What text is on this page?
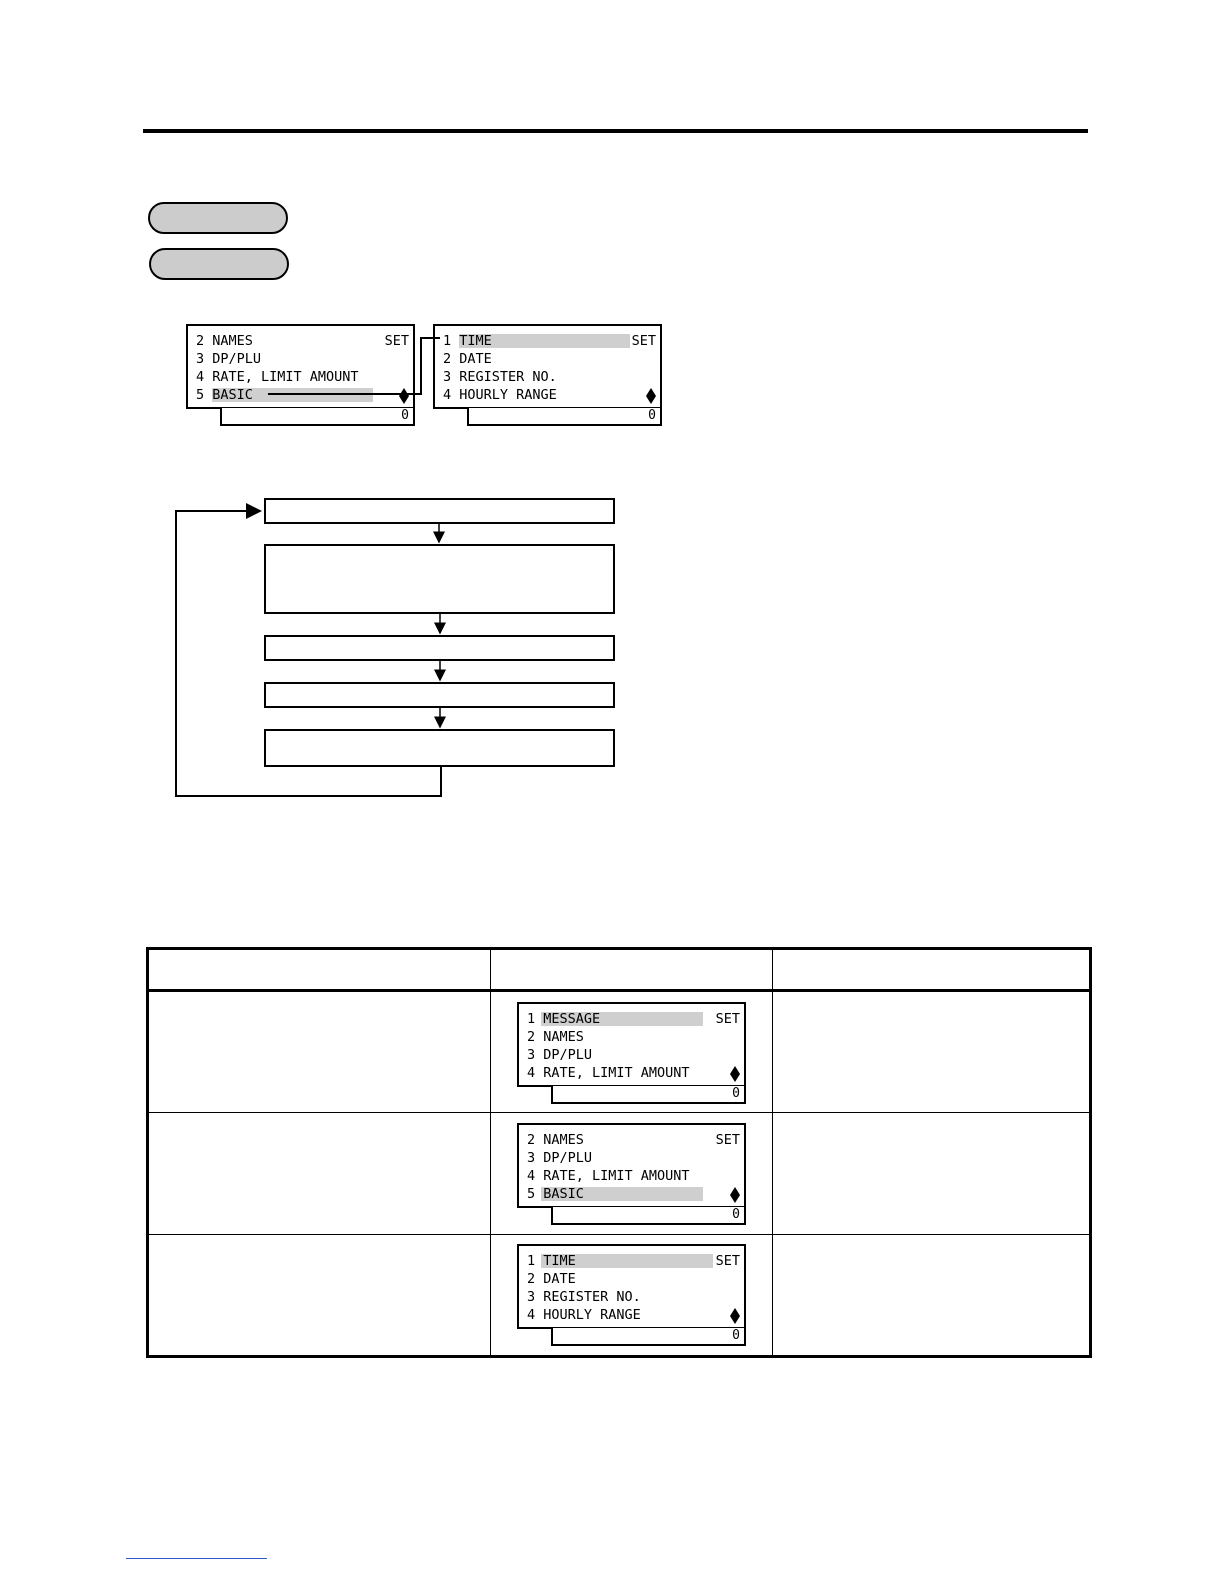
2 NAMES
3 DP/PLU
4 RATE, LIMIT AMOUNT
5 BASIC
SET
0
1 TIME
2 DATE
3 REGISTER NO.
4 HOURLY RANGE
SET
0
1 MESSAGE
2 NAMES
3 DP/PLU
4 RATE, LIMIT AMOUNT
SET
0
2 NAMES
3 DP/PLU
4 RATE, LIMIT AMOUNT
5 BASIC
SET
0
1 TIME
2 DATE
3 REGISTER NO.
4 HOURLY RANGE
SET
0
